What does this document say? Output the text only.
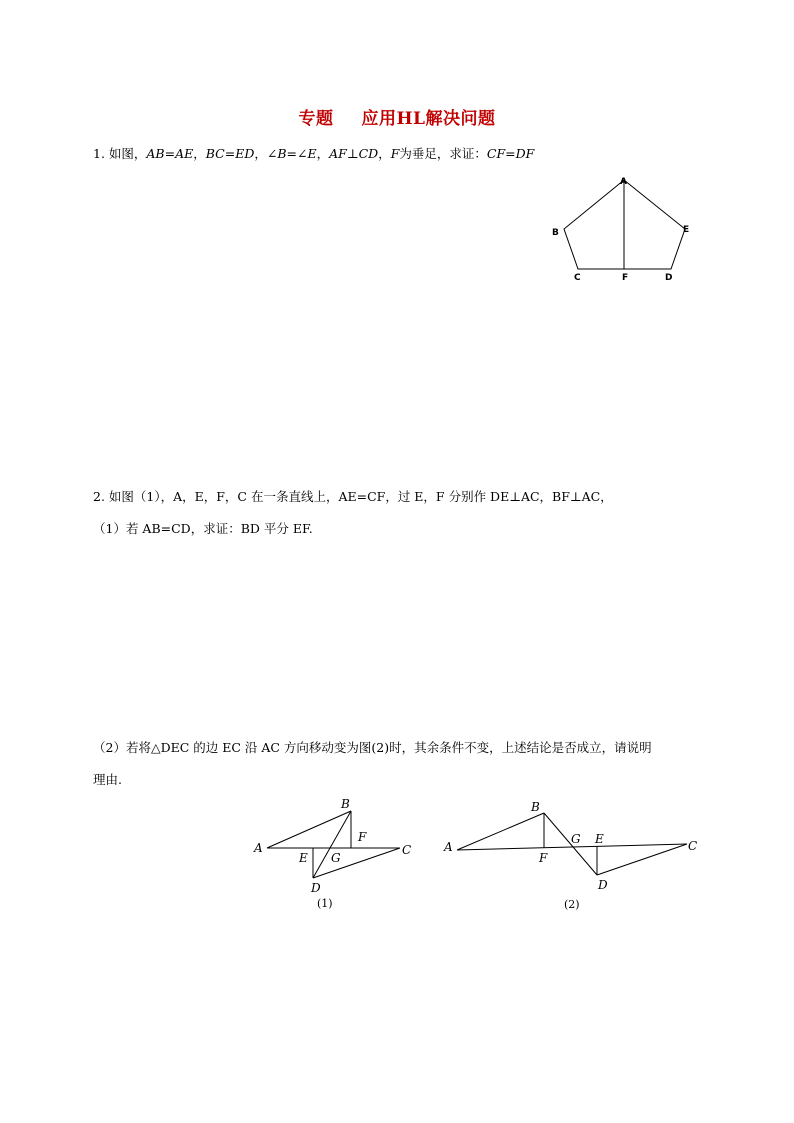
专题 应用HL解决问题
1. 如图，AB=AE，BC=ED，∠B=∠E，AF⊥CD，F为垂足，求证：CF=DF
A
B	E
C	F	D
2. 如图（1），A，E，F，C 在一条直线上，AE=CF，过 E，F 分别作 DE⊥AC，BF⊥AC，
（1）若 AB=CD，求证：BD 平分 EF.
（2）若将△DEC 的边 EC 沿 AC 方向移动变为图(2)时，其余条件不变，上述结论是否成立，请说明
理由.
A
B
F
C
E G
D
(1)
A
B
F
G E	C
D
(2)
